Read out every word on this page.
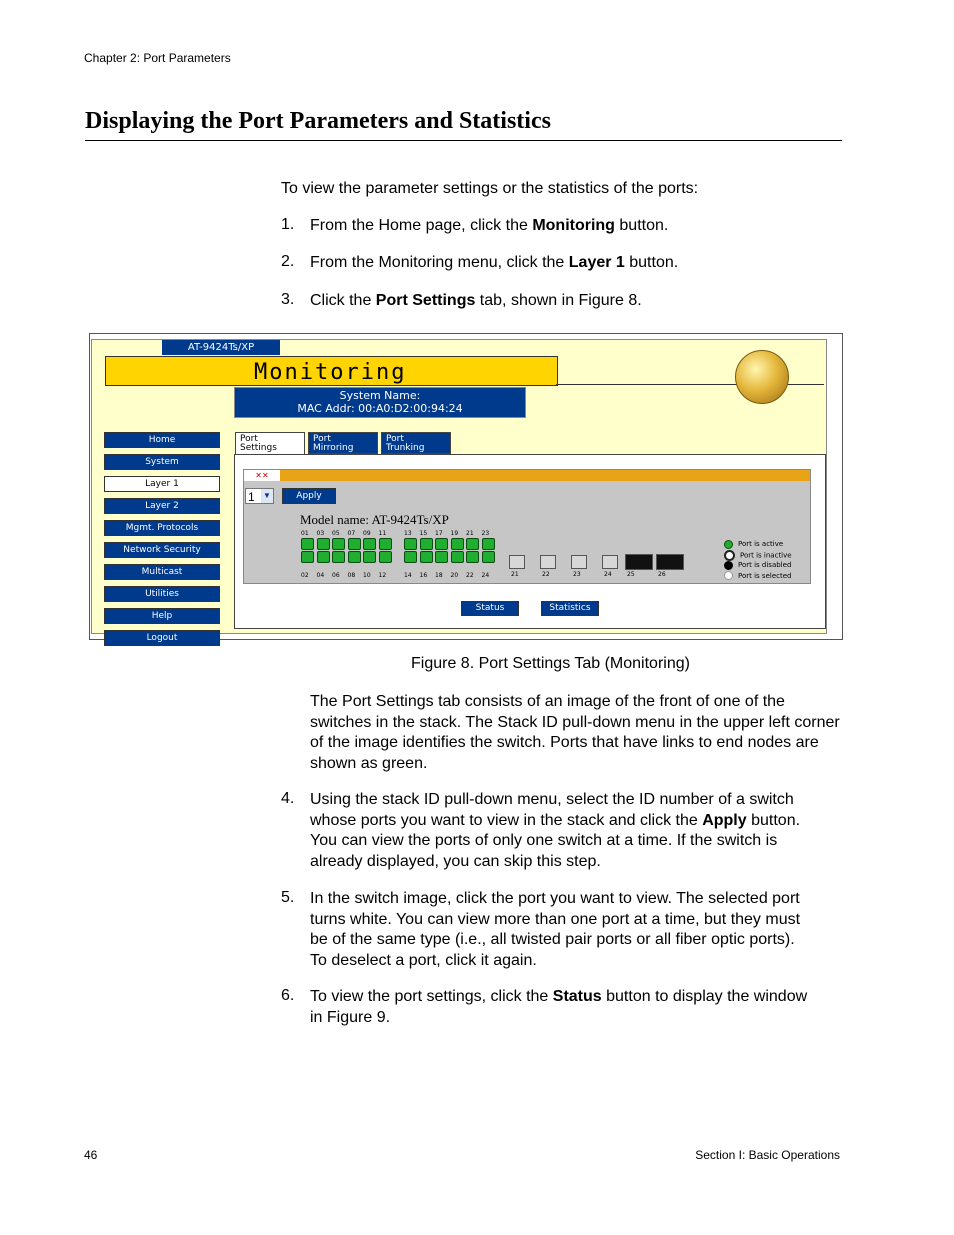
Chapter 2: Port Parameters
Displaying the Port Parameters and Statistics
To view the parameter settings or the statistics of the ports:
1. From the Home page, click the Monitoring button.
2. From the Monitoring menu, click the Layer 1 button.
3. Click the Port Settings tab, shown in Figure 8.
AT-9424Ts/XP
Monitoring
System Name:
MAC Addr: 00:A0:D2:00:94:24
Home
System
Layer 1
Layer 2
Mgmt. Protocols
Network Security
Multicast
Utilities
Help
Logout
Port
Settings
Port
Mirroring
Port
Trunking
✕✕
1 ▼	Apply
Model name: AT-9424Ts/XP
01 03 05 07 09 11	13 15 17 19 21 23
02 04 06 08 10 12	14 16 18 20 22 24	21	22	23	24	25	26
Port is active
Port is inactive
Port is disabled
Port is selected
Status	Statistics
Figure 8. Port Settings Tab (Monitoring)
The Port Settings tab consists of an image of the front of one of the switches in the stack. The Stack ID pull-down menu in the upper left corner of the image identifies the switch. Ports that have links to end nodes are shown as green.
4. Using the stack ID pull-down menu, select the ID number of a switch
whose ports you want to view in the stack and click the Apply button.
You can view the ports of only one switch at a time. If the switch is
already displayed, you can skip this step.
5. In the switch image, click the port you want to view. The selected port
turns white. You can view more than one port at a time, but they must
be of the same type (i.e., all twisted pair ports or all fiber optic ports).
To deselect a port, click it again.
6. To view the port settings, click the Status button to display the window
in Figure 9.
46	Section I: Basic Operations
